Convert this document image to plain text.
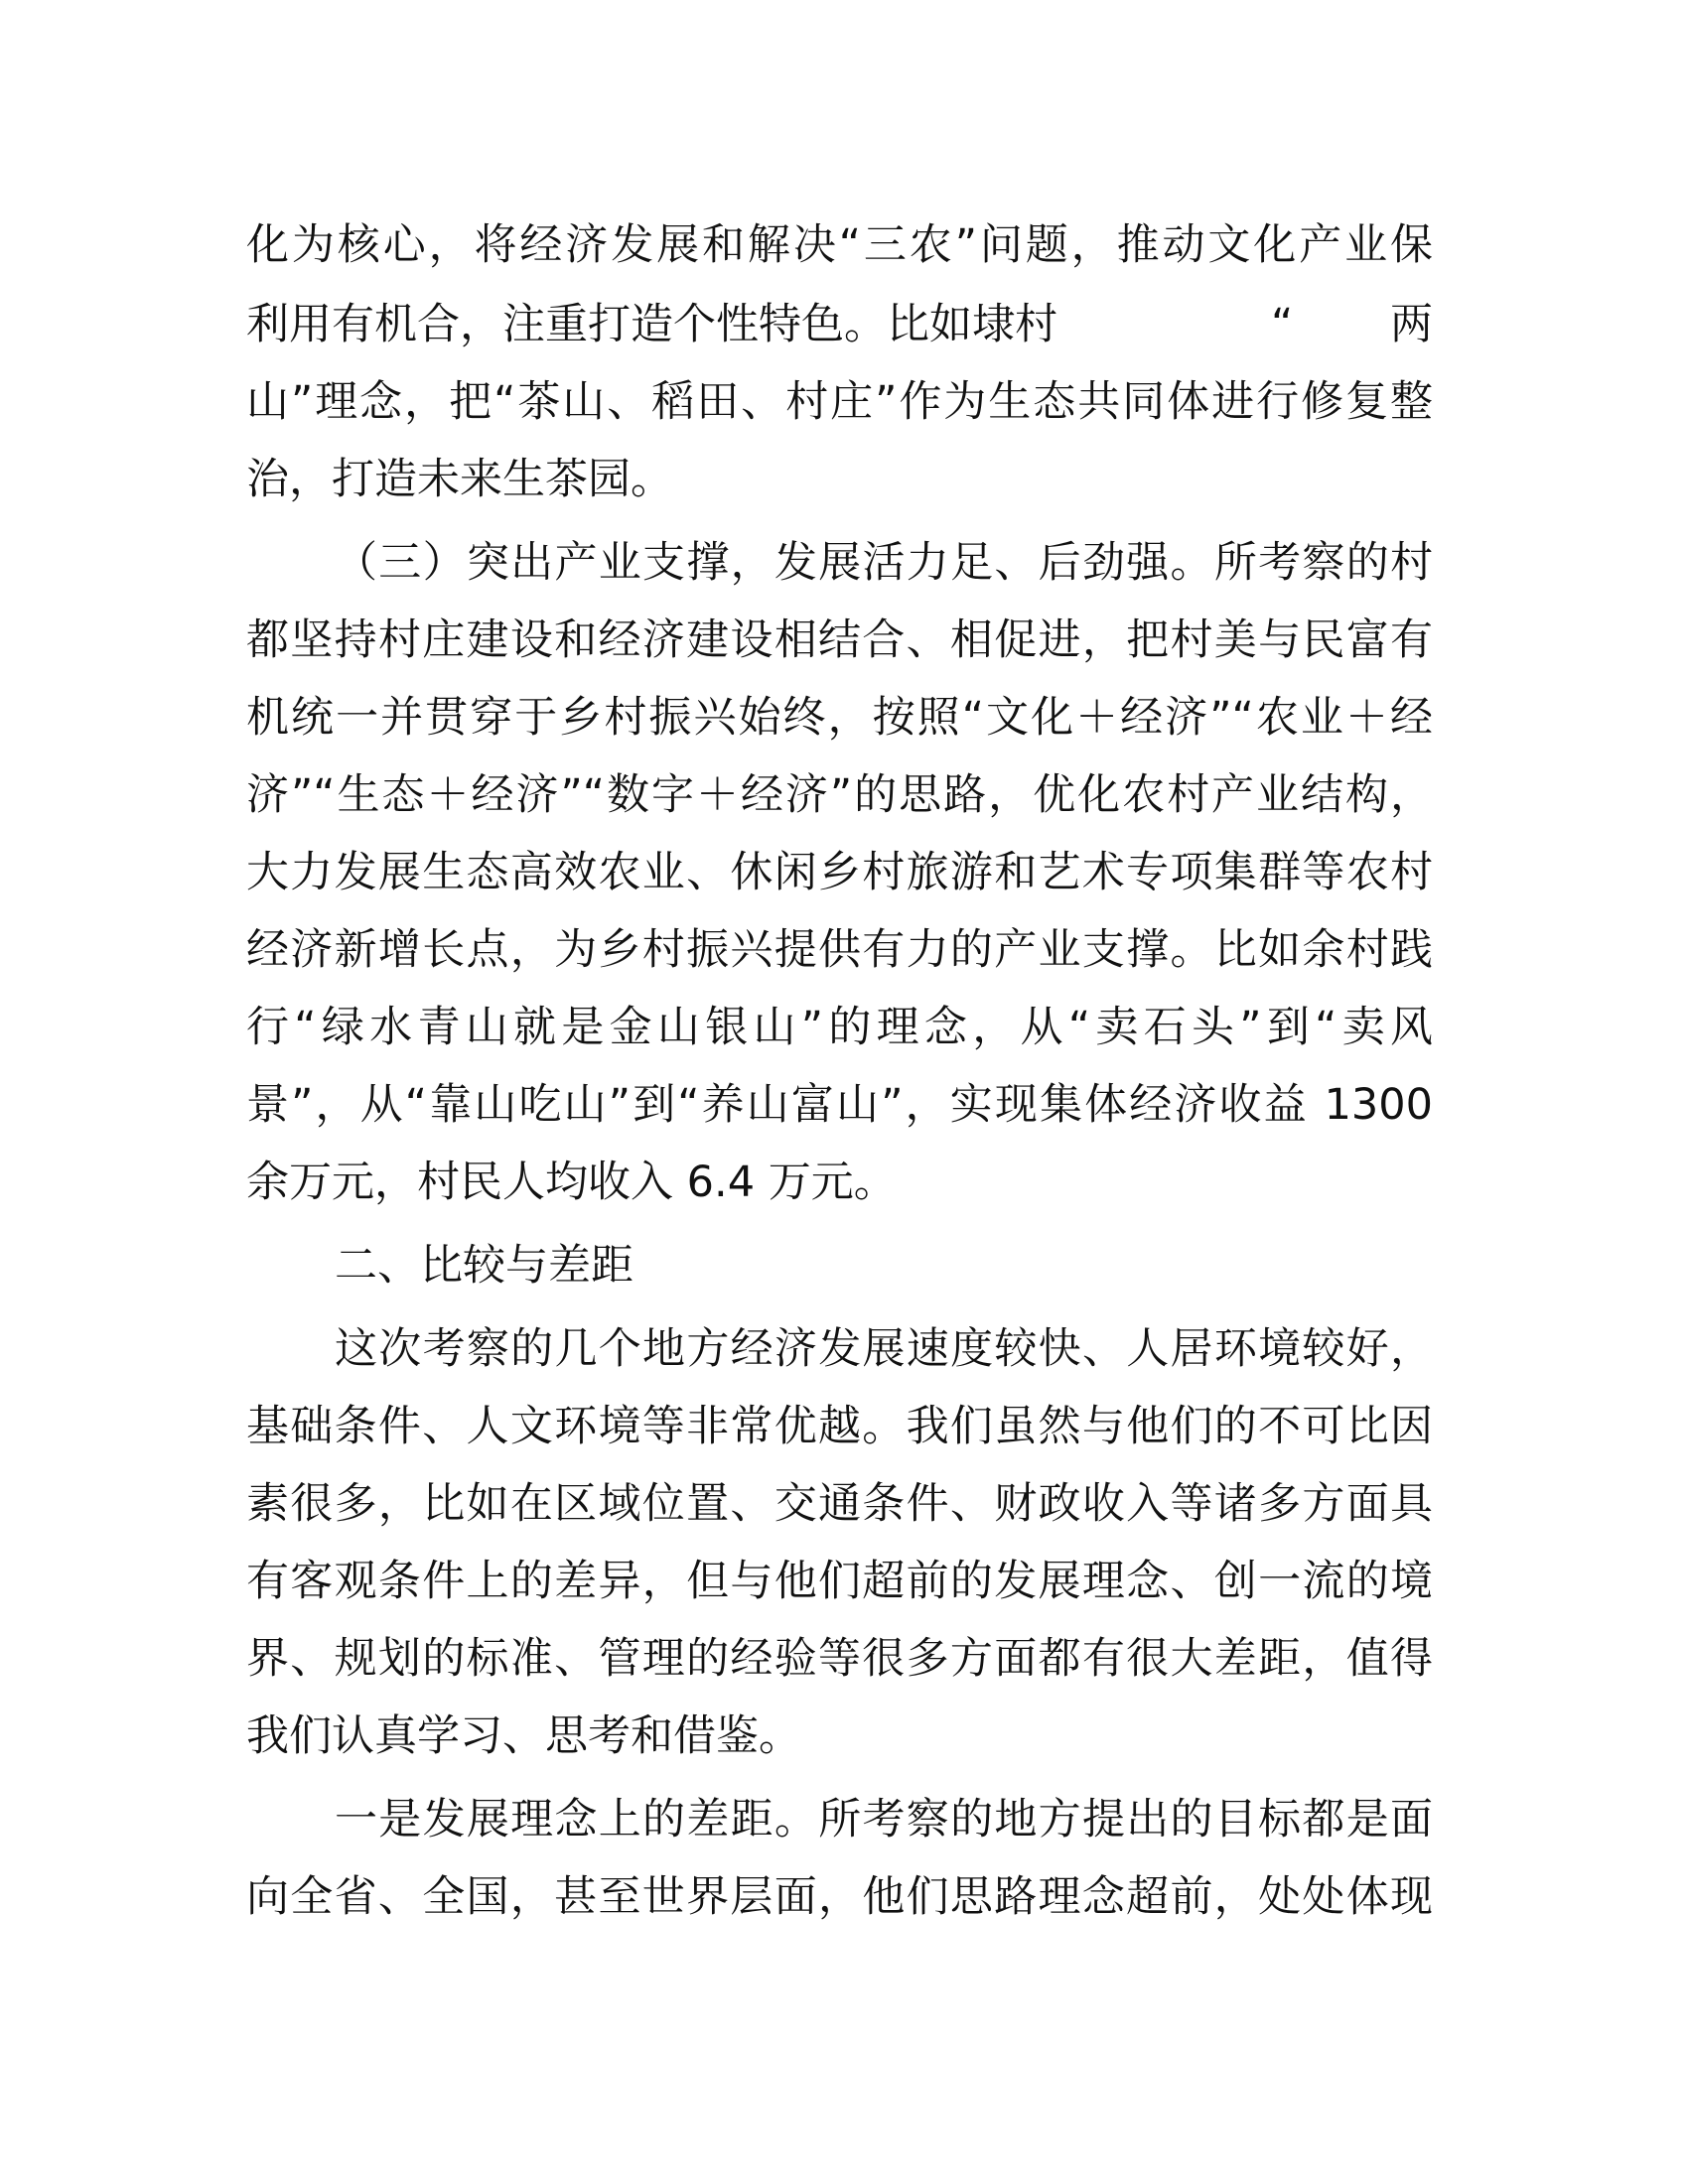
化为核心，将经济发展和解决“三农”问题，推动文化产业保
利用有机合，注重打造个性特色。比如埭村	“ 两
山”理念，把“茶山、稻田、村庄”作为生态共同体进行修复整
治，打造未来生茶园。
（三）突出产业支撑，发展活力足、后劲强。所考察的村
都坚持村庄建设和经济建设相结合、相促进，把村美与民富有
机统一并贯穿于乡村振兴始终，按照“文化＋经济”“农业＋经
济”“生态＋经济”“数字＋经济”的思路，优化农村产业结构，
大力发展生态高效农业、休闲乡村旅游和艺术专项集群等农村
经济新增长点，为乡村振兴提供有力的产业支撑。比如余村践
行“绿水青山就是金山银山”的理念，从“卖石头”到“卖风
景”，从“靠山吃山”到“养山富山”，实现集体经济收益 1300
余万元，村民人均收入 6.4 万元。
二、比较与差距
这次考察的几个地方经济发展速度较快、人居环境较好，
基础条件、人文环境等非常优越。我们虽然与他们的不可比因
素很多，比如在区域位置、交通条件、财政收入等诸多方面具
有客观条件上的差异，但与他们超前的发展理念、创一流的境
界、规划的标准、管理的经验等很多方面都有很大差距，值得
我们认真学习、思考和借鉴。
一是发展理念上的差距。所考察的地方提出的目标都是面
向全省、全国，甚至世界层面，他们思路理念超前，处处体现
